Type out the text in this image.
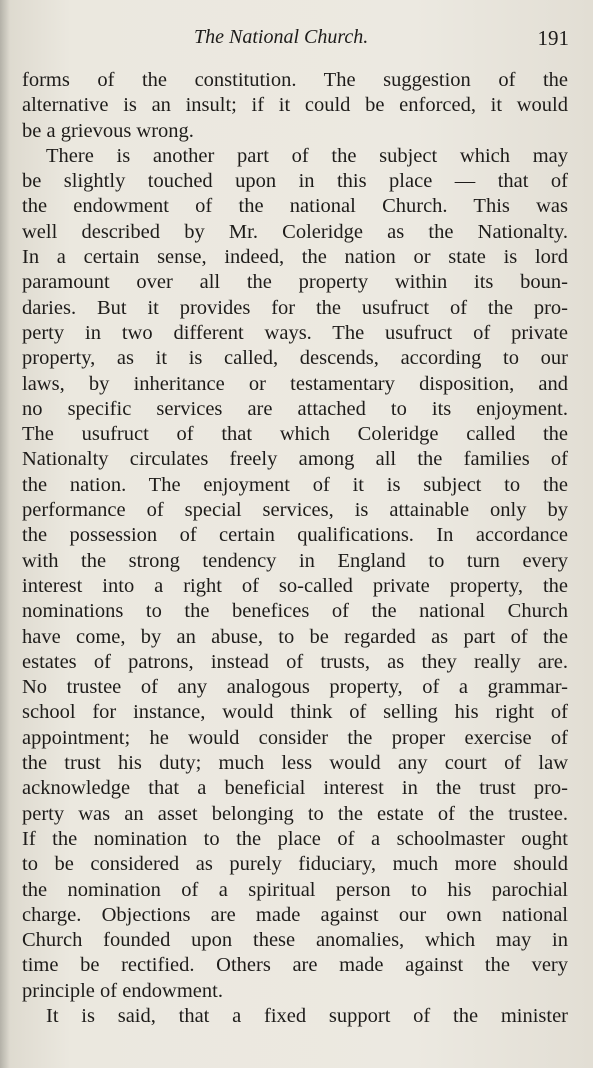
The National Church.	191
forms of the constitution. The suggestion of the
alternative is an insult; if it could be enforced, it would
be a grievous wrong.
There is another part of the subject which may
be slightly touched upon in this place — that of
the endowment of the national Church. This was
well described by Mr. Coleridge as the Nationalty.
In a certain sense, indeed, the nation or state is lord
paramount over all the property within its boun-
daries. But it provides for the usufruct of the pro-
perty in two different ways. The usufruct of private
property, as it is called, descends, according to our
laws, by inheritance or testamentary disposition, and
no specific services are attached to its enjoyment.
The usufruct of that which Coleridge called the
Nationalty circulates freely among all the families of
the nation. The enjoyment of it is subject to the
performance of special services, is attainable only by
the possession of certain qualifications. In accordance
with the strong tendency in England to turn every
interest into a right of so-called private property, the
nominations to the benefices of the national Church
have come, by an abuse, to be regarded as part of the
estates of patrons, instead of trusts, as they really are.
No trustee of any analogous property, of a grammar-
school for instance, would think of selling his right of
appointment; he would consider the proper exercise of
the trust his duty; much less would any court of law
acknowledge that a beneficial interest in the trust pro-
perty was an asset belonging to the estate of the trustee.
If the nomination to the place of a schoolmaster ought
to be considered as purely fiduciary, much more should
the nomination of a spiritual person to his parochial
charge. Objections are made against our own national
Church founded upon these anomalies, which may in
time be rectified. Others are made against the very
principle of endowment.
It is said, that a fixed support of the minister
